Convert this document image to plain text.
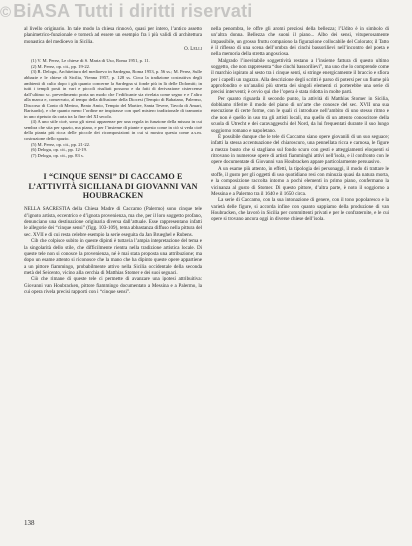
© BiASA Tutti i diritti riservati

al livello originario. In tale modo la chiesa rinnovò, quasi per intero, l’antico assetto planimetrico-funzionale e tornerà ad essere un esempio fra i più validi di architettura monastica del medioevo in Sicilia.

O. Lelli

(1) V. M. Perez, Le chiese di S. Maria di Uso, Roma 1951, p. 11.

(2) M. Perez, op. cit., pp. 19-22.

(3) R. Delogu, Architettura del medioevo in Sardegna, Roma 1953, p. 56 ss.; M. Perez, Sulle abbazie e le chiese di Sicilia, Vienna 1957, p. 128 ss. Circa la tradizione costruttiva degli ambienti di culto dopo i già quanto concerne la Sardegna si fonde più in là delle Dolomiti; in tutti i templi posti in vari e piccoli risultati possono e da fatti di derivazione cistercense dall’ultimo sc. prevedimento porta un modo che l’edificante sia rivelata come segno e e l’altro alla marca e, conservato, al tempo della diffusione della Diocesi (Tempio di Babaiano, Palermo, Discorso di Conto di Merino, Beato Amio, Tempio del Martire, Santa Tevere, Tavola di Amari, Barisardo), e che quanto meno l’ordine ne inspirasse con quel mistero tradizionale di tramonto in uno ripetuto da carta tra la fine del XI secolo.

(4) A uno stile cioè, sono gli stessi apparenze per una regola in funzione della misura in cui sembra che stia per spazio, ma piano, e per l’insieme di piante e questo come in ciò si veda cioè della pianta più ricca delle piccole dei ricomposizioni in cui si mostra questa come a.s.m. costruzione dello spazio.

(5) M. Perez, op. cit., pp. 21-22.

(6) Delogu, op. cit., pp. 12-19.

(7) Delogu, op. cit., pp. 83 s.

I “CINQUE SENSI” DI CACCAMO E L’ATTIVITÀ SICILIANA DI GIOVANNI VAN HOUBRACKEN

NELLA SACRESTIA della Chiesa Madre di Caccamo (Palermo) sono cinque tele d’ignoto artista, eccentrico e d’ignota provenienza, ma che, per il loro soggetto profano, denunciano una destinazione originaria diversa dall’attuale. Esse rappresentano infatti le allegorie dei “cinque sensi” (figg. 103-109), tema abbastanza diffuso nella pittura del sec. XVII e di cui resta celebre esempio la serie eseguita da Jan Brueghel e Rubens.

Cib che colpisce subito in queste dipinti è tuttavia l’ampia intepretazione del tema e la singolarità dello stile, che difficilmente rientra nella tradizione artistica locale. Di queste tele non si conosce la provenienza, né è mai stata proposta una attribuzione; ma dopo un esame attento si riconosce che la mano che ha dipinto queste opere appartiene a un pittore fiammingo, probabilmente attivo nella Sicilia occidentale della seconda metà del Seicento, vicino alla cerchia di Matthias Stomer e dei suoi seguaci.

Ciò che rimane di queste tele ci permette di avanzare una ipotesi attribuitiva: Giovanni van Houbracken, pittore fiammingo documentato a Messina e a Palermo, la cui opera rivela precisi rapporti con i “cinque sensi”.

nella penombra, le offre gli aromi preziosi della bellezza; l’Udito è in simbolo di un’altra donna. Bellezza che suoni il piano... Albo dei sensi, vituperosamente impassibile, un grosso fruttu compaiono la figurazione collocabile del Colorato; il Tatto è il riflesso di una scena dell’ombra dei cinchi bassorilievi nell’incontro del poeta e nella memoria della stretta angosciosa.

Malgrado l’inevitabile soggettività restano a l’insieme fattura di questo ultimo soggetto, che non rappresenta “due cinchi bassorilievi”, ma uno che lo comprende come il marchio ispirato al sesto tra i cinque senti, si stringe energicamente il braccio e sfiora per i capelli un ragazzo. Alla descrizione degli scritti è parso di potersi per un fiume più approfondito e un’analisi più stretta dei singoli elementi ci porterebbe una serie di precisi interventi; è ovvio qui che l’opera è stata ridotta in molte parti.

Per quanto riguarda il secondo punto, la attività di Matthias Stomer in Sicilia, dobbiamo riferire il modo del piano di un’arte che conosce del sec. XVII una sua esecuzione di certe forme, con le quali ci introduce nell’ambito di uno stesso ritmo e che non è quello in uso tra gli artisti locali, ma quello di un attento conoscitore della scuola di Utrecht e dei caravaggeschi del Nord, da lui frequentati durante il suo lungo soggiorno romano e napoletano.

È possibile dunque che le tele di Caccamo siano opere giovanili di un suo seguace; infatti la stessa accentuazione del chiaroscuro, una pennellata ricca e carnosa, le figure a mezzo busto che si stagliano sul fondo scuro con gesti e atteggiamenti eloquenti si ritrovano in numerose opere di artisti fiamminghi attivi nell’isola, e il confronto con le opere documentate di Giovanni van Houbracken appare particolarmente persuasivo.

A un esame più attento, in effetti, la tipologia dei personaggi, il modo di trattare le stoffe, il gusto per gli oggetti di uso quotidiano resi con minuzia quasi da natura morta, e la composizione raccolta intorno a pochi elementi in primo piano, confermano la vicinanza al gusto di Stomer. Di questo pittore, d’altra parte, è noto il soggiorno a Messina e a Palermo tra il 1640 e il 1650 circa.

La serie di Caccamo, con la sua intonazione di genere, con il tono popolaresco e la varietà delle figure, si accorda infine con quanto sappiamo della produzione di van Houbracken, che lavorò in Sicilia per committenti privati e per le confraternite, e le cui opere si trovano ancora oggi in diverse chiese dell’isola.

138
